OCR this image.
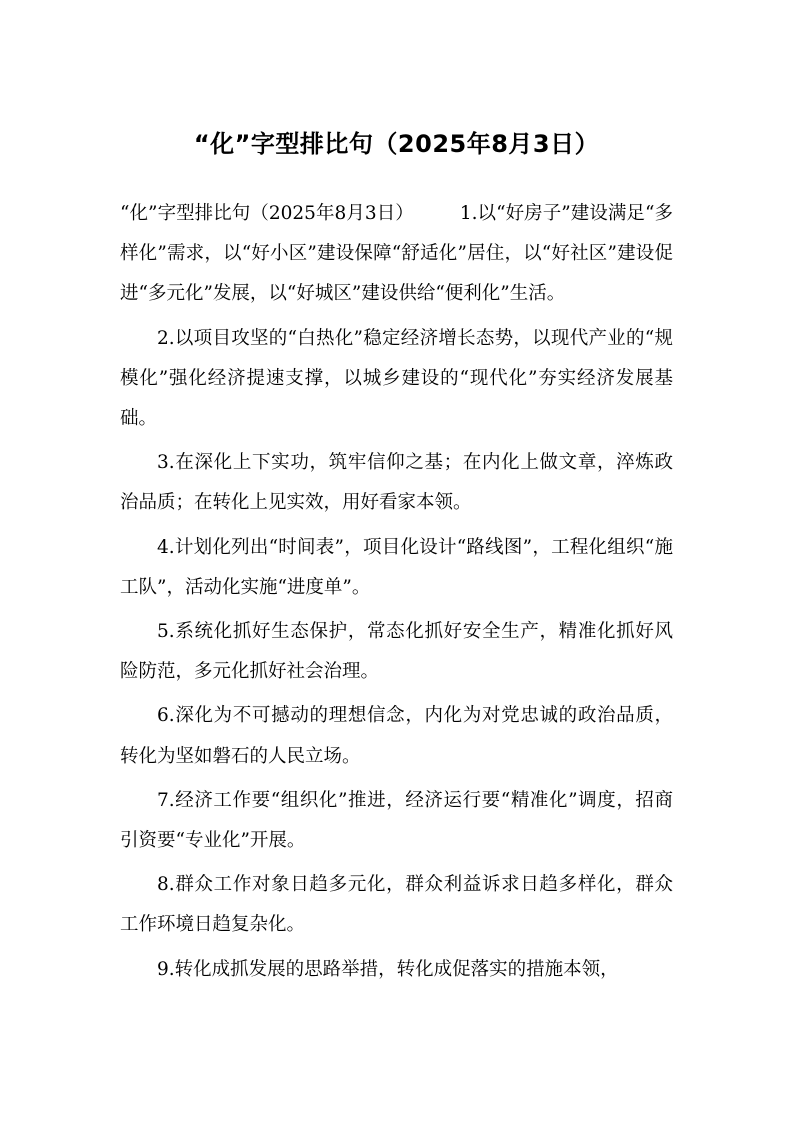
“化”字型排比句（2025年8月3日）

“化”字型排比句（2025年8月3日） 1.以“好房子”建设满足“多样化”需求，以“好小区”建设保障“舒适化”居住，以“好社区”建设促进“多元化”发展，以“好城区”建设供给“便利化”生活。

2.以项目攻坚的“白热化”稳定经济增长态势，以现代产业的“规模化”强化经济提速支撑，以城乡建设的“现代化”夯实经济发展基础。

3.在深化上下实功，筑牢信仰之基；在内化上做文章，淬炼政治品质；在转化上见实效，用好看家本领。

4.计划化列出“时间表”，项目化设计“路线图”，工程化组织“施工队”，活动化实施“进度单”。

5.系统化抓好生态保护，常态化抓好安全生产，精准化抓好风险防范，多元化抓好社会治理。

6.深化为不可撼动的理想信念，内化为对党忠诚的政治品质，转化为坚如磐石的人民立场。

7.经济工作要“组织化”推进，经济运行要“精准化”调度，招商引资要“专业化”开展。

8.群众工作对象日趋多元化，群众利益诉求日趋多样化，群众工作环境日趋复杂化。

9.转化成抓发展的思路举措，转化成促落实的措施本领，
